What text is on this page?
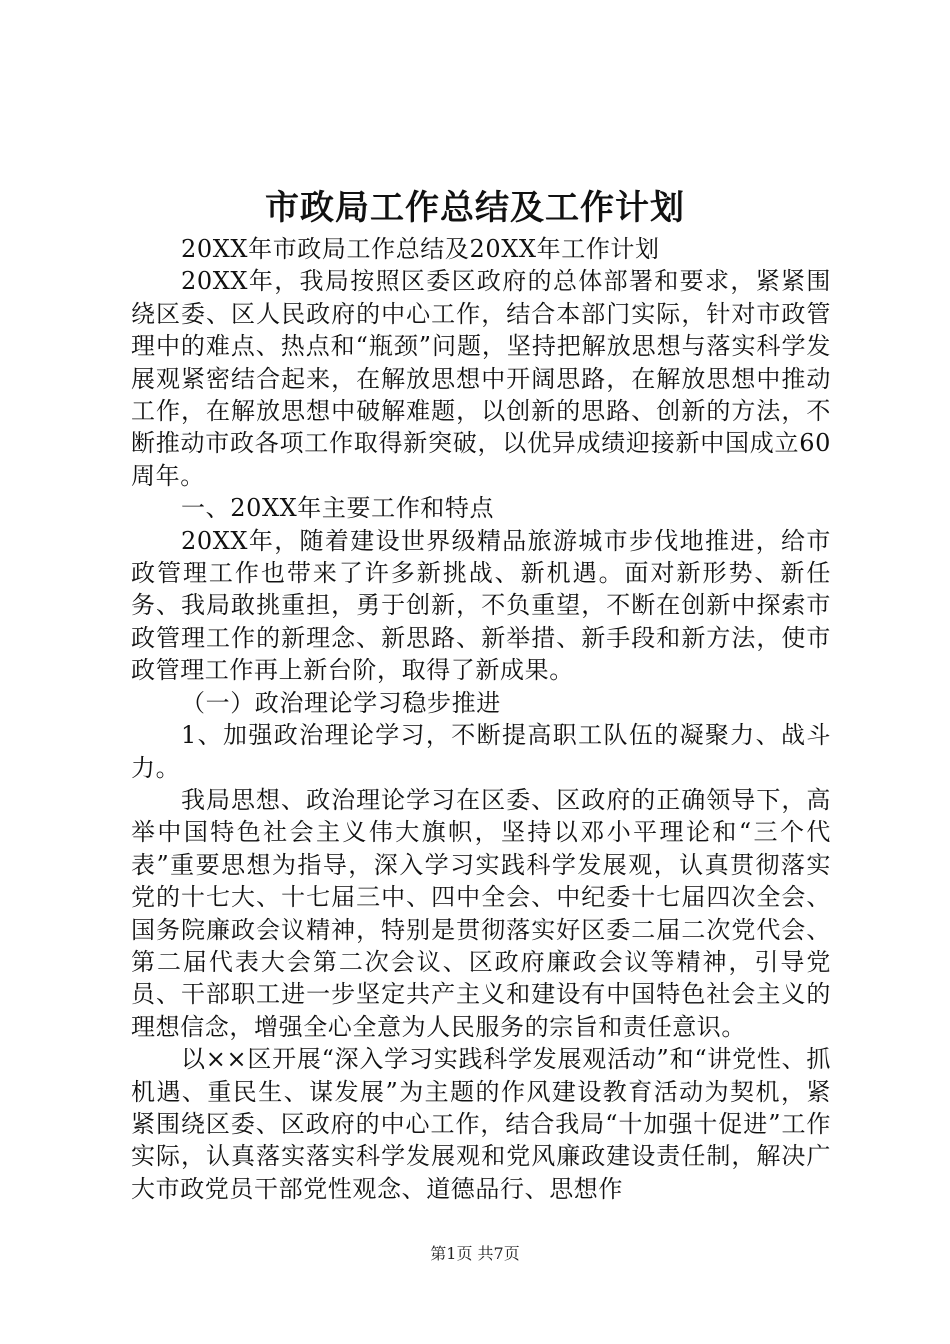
市政局工作总结及工作计划

20XX年市政局工作总结及20XX年工作计划

20XX年，我局按照区委区政府的总体部署和要求，紧紧围绕区委、区人民政府的中心工作，结合本部门实际，针对市政管理中的难点、热点和“瓶颈”问题，坚持把解放思想与落实科学发展观紧密结合起来，在解放思想中开阔思路，在解放思想中推动工作，在解放思想中破解难题，以创新的思路、创新的方法，不断推动市政各项工作取得新突破，以优异成绩迎接新中国成立60周年。

一、20XX年主要工作和特点

20XX年，随着建设世界级精品旅游城市步伐地推进，给市政管理工作也带来了许多新挑战、新机遇。面对新形势、新任务、我局敢挑重担，勇于创新，不负重望，不断在创新中探索市政管理工作的新理念、新思路、新举措、新手段和新方法，使市政管理工作再上新台阶，取得了新成果。

（一）政治理论学习稳步推进

1、加强政治理论学习，不断提高职工队伍的凝聚力、战斗力。

我局思想、政治理论学习在区委、区政府的正确领导下，高举中国特色社会主义伟大旗帜，坚持以邓小平理论和“三个代表”重要思想为指导，深入学习实践科学发展观，认真贯彻落实党的十七大、十七届三中、四中全会、中纪委十七届四次全会、国务院廉政会议精神，特别是贯彻落实好区委二届二次党代会、第二届代表大会第二次会议、区政府廉政会议等精神，引导党员、干部职工进一步坚定共产主义和建设有中国特色社会主义的理想信念，增强全心全意为人民服务的宗旨和责任意识。

以××区开展“深入学习实践科学发展观活动”和“讲党性、抓机遇、重民生、谋发展”为主题的作风建设教育活动为契机，紧紧围绕区委、区政府的中心工作，结合我局“十加强十促进”工作实际，认真落实落实科学发展观和党风廉政建设责任制，解决广大市政党员干部党性观念、道德品行、思想作

第1页 共7页
